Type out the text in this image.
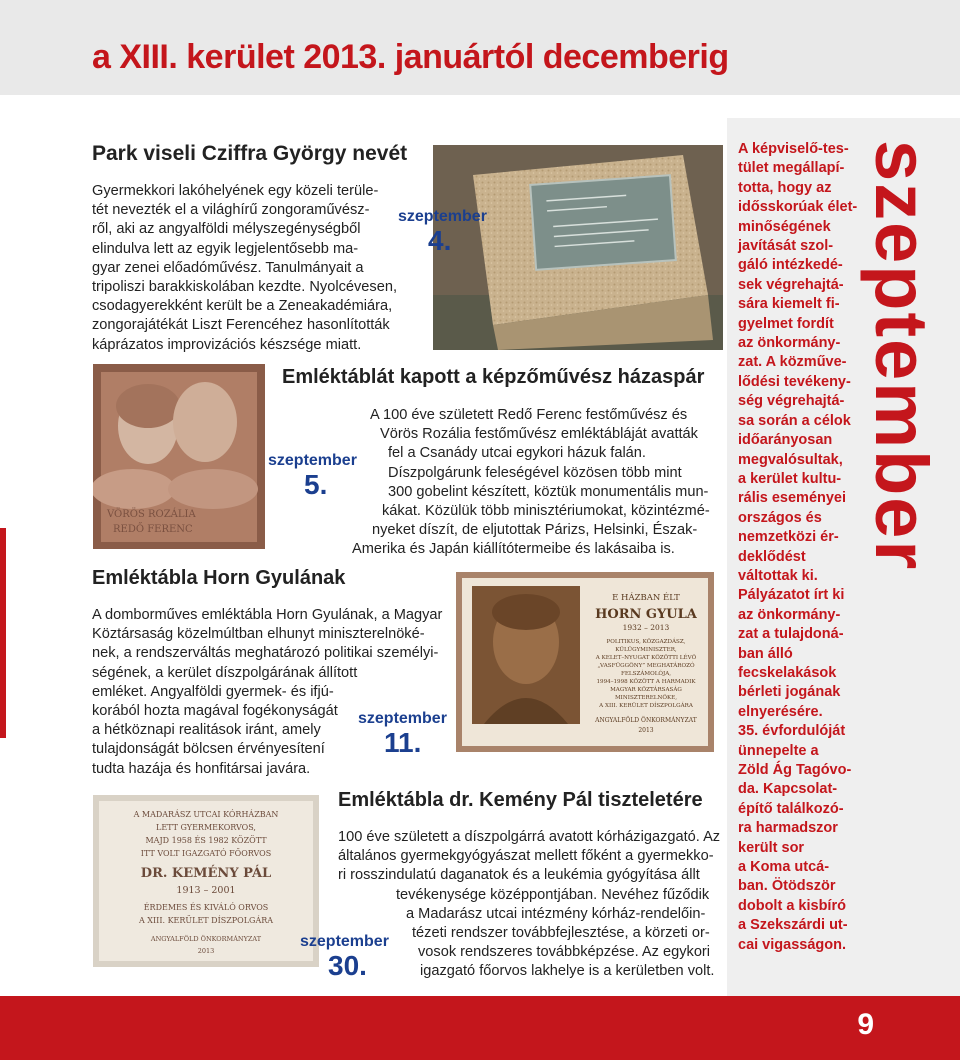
a XIII. kerület 2013. januártól decemberig
Park viseli Cziffra György nevét
Gyermekkori lakóhelyének egy közeli terüle-
tét nevezték el a világhírű zongoraművész-
ről, aki az angyalföldi mélyszegénységből
elindulva lett az egyik legjelentősebb ma-
gyar zenei előadóművész. Tanulmányait a
tripoliszi barakkiskolában kezdte. Nyolcévesen,
csodagyerekként került be a Zeneakadémiára,
zongorajátékát Liszt Ferencéhez hasonlították
káprázatos improvizációs készsége miatt.
szeptember
4.
Emléktáblát kapott a képzőművész házaspár
VÖRÖS ROZÁLIA
REDŐ FERENC
szeptember
5.
A 100 éve született Redő Ferenc festőművész és
Vörös Rozália festőművész emléktábláját avatták
fel a Csanády utcai egykori házuk falán.
Díszpolgárunk feleségével közösen több mint
300 gobelint készített, köztük monumentális mun-
kákat. Közülük több minisztériumokat, közintézmé-
nyeket díszít, de eljutottak Párizs, Helsinki, Észak-
Amerika és Japán kiállítótermeibe és lakásaiba is.
Emléktábla Horn Gyulának
A domborműves emléktábla Horn Gyulának, a Magyar
Köztársaság közelmúltban elhunyt miniszterelnöké-
nek, a rendszerváltás meghatározó politikai személyi-
ségének, a kerület díszpolgárának állított
emléket. Angyalföldi gyermek- és ifjú-
korából hozta magával fogékonyságát
a hétköznapi realitások iránt, amely
tulajdonságát bölcsen érvényesítení
tudta hazája és honfitársai javára.
E HÁZBAN ÉLT
HORN GYULA
1932 – 2013
POLITIKUS, KÖZGAZDÁSZ,
KÜLÜGYMINISZTER,
A KELET–NYUGAT KÖZÖTTI LÉVŐ
„VASFÜGGÖNY” MEGHATÁROZÓ
FELSZÁMOLÓJA,
1994–1998 KÖZÖTT A HARMADIK
MAGYAR KÖZTÁRSASÁG
MINISZTERELNÖKE,
A XIII. KERÜLET DÍSZPOLGÁRA
ANGYALFÖLD ÖNKORMÁNYZAT
2013
szeptember
11.
Emléktábla dr. Kemény Pál tiszteletére
A MADARÁSZ UTCAI KÓRHÁZBAN
LETT GYERMEKORVOS,
MAJD 1958 ÉS 1982 KÖZÖTT
ITT VOLT IGAZGATÓ FŐORVOS
DR. KEMÉNY PÁL
1913 – 2001
ÉRDEMES ÉS KIVÁLÓ ORVOS
A XIII. KERÜLET DÍSZPOLGÁRA
ANGYALFÖLD ÖNKORMÁNYZAT
2013
szeptember
30.
100 éve született a díszpolgárrá avatott kórházigazgató. Az
általános gyermekgyógyászat mellett főként a gyermekko-
ri rosszindulatú daganatok és a leukémia gyógyítása állt
tevékenysége középpontjában. Nevéhez fűződik
a Madarász utcai intézmény kórház-rendelőin-
tézeti rendszer továbbfejlesztése, a körzeti or-
vosok rendszeres továbbképzése. Az egykori
igazgató főorvos lakhelye is a kerületben volt.
A képviselő-tes-
tület megállapí-
totta, hogy az
idősskorúak élet-
minőségének
javítását szol-
gáló intézkedé-
sek végrehajtá-
sára kiemelt fi-
gyelmet fordít
az önkormány-
zat. A közműve-
lődési tevékeny-
ség végrehajtá-
sa során a célok
időarányosan
megvalósultak,
a kerület kultu-
rális eseményei
országos és
nemzetközi ér-
deklődést
váltottak ki.
Pályázatot írt ki
az önkormány-
zat a tulajdoná-
ban álló
fecskelakások
bérleti jogának
elnyerésére.
35. évfordulóját
ünnepelte a
Zöld Ág Tagóvo-
da. Kapcsolat-
építő találkozó-
ra harmadszor
került sor
a Koma utcá-
ban. Ötödször
dobolt a kisbíró
a Szekszárdi ut-
cai vigasságon.
szeptember
9
